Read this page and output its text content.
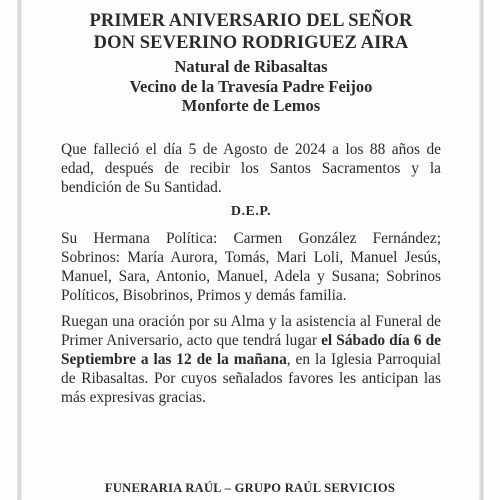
PRIMER ANIVERSARIO DEL SEÑOR
DON SEVERINO RODRIGUEZ AIRA
Natural de Ribasaltas
Vecino de la Travesía Padre Feijoo
Monforte de Lemos
Que falleció el día 5 de Agosto de 2024 a los 88 años de edad, después de recibir los Santos Sacramentos y la bendición de Su Santidad.
D.E.P.
Su Hermana Política: Carmen González Fernández; Sobrinos: María Aurora, Tomás, Mari Loli, Manuel Jesús, Manuel, Sara, Antonio, Manuel, Adela y Susana; Sobrinos Políticos, Bisobrinos, Primos y demás familia.
Ruegan una oración por su Alma y la asistencia al Funeral de Primer Aniversario, acto que tendrá lugar el Sábado día 6 de Septiembre a las 12 de la mañana, en la Iglesia Parroquial de Ribasaltas. Por cuyos señalados favores les anticipan las más expresivas gracias.
FUNERARIA RAÚL – GRUPO RAÚL SERVICIOS
